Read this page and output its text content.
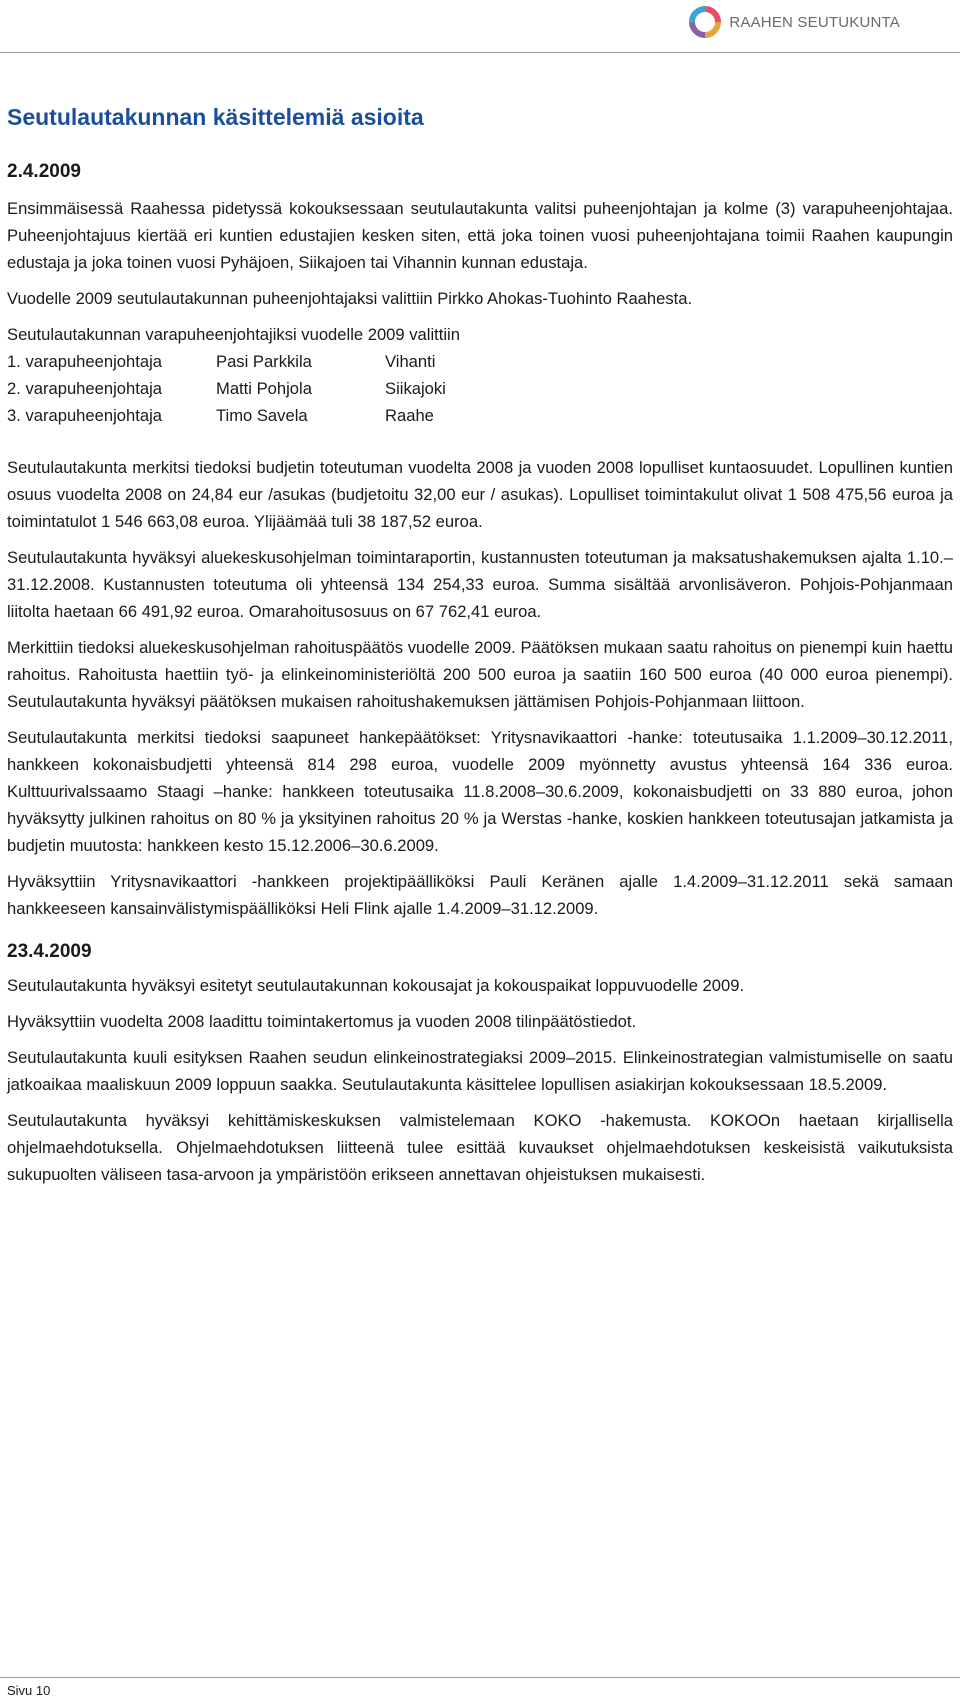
RAAHEN SEUTUKUNTA
Seutulautakunnan käsittelemiä asioita
2.4.2009

Ensimmäisessä Raahessa pidetyssä kokouksessaan seutulautakunta valitsi puheenjohtajan ja kolme (3) varapuheenjohtajaa. Puheenjohtajuus kiertää eri kuntien edustajien kesken siten, että joka toinen vuosi puheenjohtajana toimii Raahen kaupungin edustaja ja joka toinen vuosi Pyhäjoen, Siikajoen tai Vihannin kunnan edustaja.

Vuodelle 2009 seutulautakunnan puheenjohtajaksi valittiin Pirkko Ahokas-Tuohinto Raahesta.

Seutulautakunnan varapuheenjohtajiksi vuodelle 2009 valittiin

1. varapuheenjohtaja	Pasi Parkkila	Vihanti
2. varapuheenjohtaja	Matti Pohjola	Siikajoki
3. varapuheenjohtaja	Timo Savela	Raahe

Seutulautakunta merkitsi tiedoksi budjetin toteutuman vuodelta 2008 ja vuoden 2008 lopulliset kuntaosuudet. Lopullinen kuntien osuus vuodelta 2008 on 24,84 eur /asukas (budjetoitu 32,00 eur / asukas). Lopulliset toimintakulut olivat 1 508 475,56 euroa ja toimintatulot 1 546 663,08 euroa. Ylijäämää tuli 38 187,52 euroa.

Seutulautakunta hyväksyi aluekeskusohjelman toimintaraportin, kustannusten toteutuman ja maksatushakemuksen ajalta 1.10.–31.12.2008. Kustannusten toteutuma oli yhteensä 134 254,33 euroa. Summa sisältää arvonlisäveron. Pohjois-Pohjanmaan liitolta haetaan 66 491,92 euroa. Omarahoitusosuus on 67 762,41 euroa.

Merkittiin tiedoksi aluekeskusohjelman rahoituspäätös vuodelle 2009. Päätöksen mukaan saatu rahoitus on pienempi kuin haettu rahoitus. Rahoitusta haettiin työ- ja elinkeinoministeriöltä 200 500 euroa ja saatiin 160 500 euroa (40 000 euroa pienempi). Seutulautakunta hyväksyi päätöksen mukaisen rahoitushakemuksen jättämisen Pohjois-Pohjanmaan liittoon.

Seutulautakunta merkitsi tiedoksi saapuneet hankepäätökset: Yritysnavikaattori -hanke: toteutusaika 1.1.2009–30.12.2011, hankkeen kokonaisbudjetti yhteensä 814 298 euroa, vuodelle 2009 myönnetty avustus yhteensä 164 336 euroa. Kulttuurivalssaamo Staagi –hanke: hankkeen toteutusaika 11.8.2008–30.6.2009, kokonaisbudjetti on 33 880 euroa, johon hyväksytty julkinen rahoitus on 80 % ja yksityinen rahoitus 20 % ja Werstas -hanke, koskien hankkeen toteutusajan jatkamista ja budjetin muutosta: hankkeen kesto 15.12.2006–30.6.2009.

Hyväksyttiin Yritysnavikaattori -hankkeen projektipäälliköksi Pauli Keränen ajalle 1.4.2009–31.12.2011 sekä samaan hankkeeseen kansainvälistymispäälliköksi Heli Flink ajalle 1.4.2009–31.12.2009.

23.4.2009

Seutulautakunta hyväksyi esitetyt seutulautakunnan kokousajat ja kokouspaikat loppuvuodelle 2009.

Hyväksyttiin vuodelta 2008 laadittu toimintakertomus ja vuoden 2008 tilinpäätöstiedot.

Seutulautakunta kuuli esityksen Raahen seudun elinkeinostrategiaksi 2009–2015. Elinkeinostrategian valmistumiselle on saatu jatkoaikaa maaliskuun 2009 loppuun saakka. Seutulautakunta käsittelee lopullisen asiakirjan kokouksessaan 18.5.2009.

Seutulautakunta hyväksyi kehittämiskeskuksen valmistelemaan KOKO -hakemusta. KOKOOn haetaan kirjallisella ohjelmaehdotuksella. Ohjelmaehdotuksen liitteenä tulee esittää kuvaukset ohjelmaehdotuksen keskeisistä vaikutuksista sukupuolten väliseen tasa-arvoon ja ympäristöön erikseen annettavan ohjeistuksen mukaisesti.

Sivu 10
